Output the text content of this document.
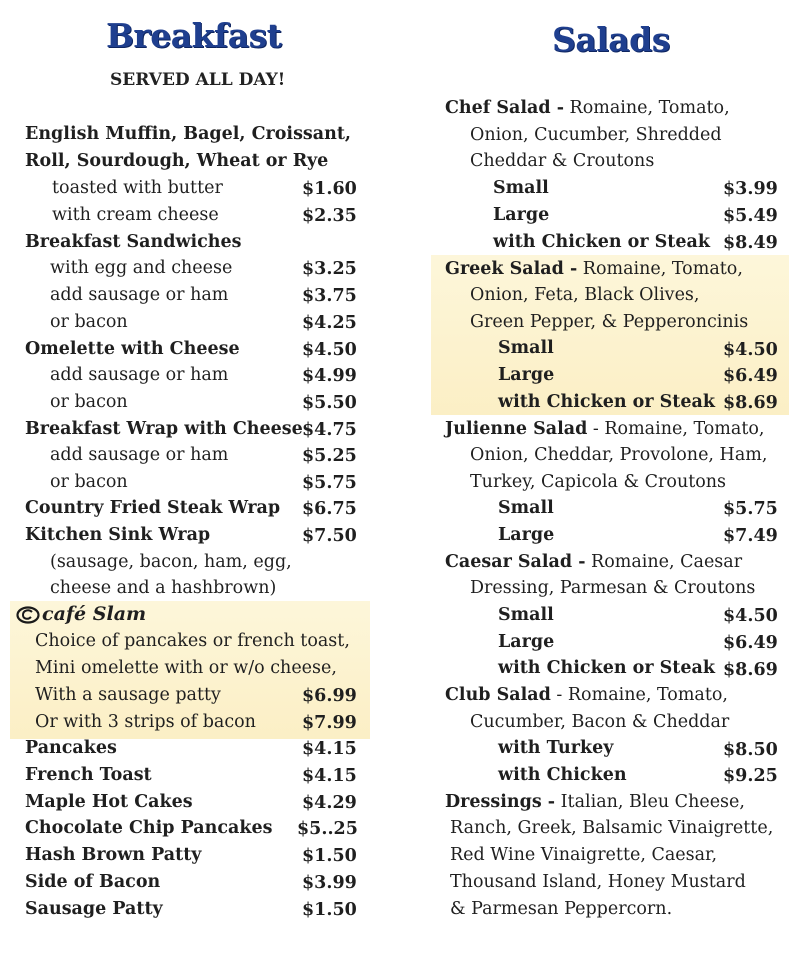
Breakfast
SERVED ALL DAY!
Salads
English Muffin, Bagel, Croissant,
Roll, Sourdough, Wheat or Rye
toasted with butter	$1.60
with cream cheese	$2.35
Breakfast Sandwiches
with egg and cheese	$3.25
add sausage or ham	$3.75
or bacon	$4.25
Omelette with Cheese	$4.50
add sausage or ham	$4.99
or bacon	$5.50
Breakfast Wrap with Cheese $4.75
add sausage or ham	$5.25
or bacon	$5.75
Country Fried Steak Wrap $6.75
Kitchen Sink Wrap	$7.50
(sausage, bacon, ham, egg,
cheese and a hashbrown)
café Slam
Choice of pancakes or french toast,
Mini omelette with or w/o cheese,
With a sausage patty	$6.99
Or with 3 strips of bacon	$7.99
Pancakes	$4.15
French Toast	$4.15
Maple Hot Cakes	$4.29
Chocolate Chip Pancakes $5..25
Hash Brown Patty	$1.50
Side of Bacon	$3.99
Sausage Patty	$1.50
Chef Salad - Romaine, Tomato,
Onion, Cucumber, Shredded
Cheddar & Croutons
Small	$3.99
Large	$5.49
with Chicken or Steak $8.49
Greek Salad - Romaine, Tomato,
Onion, Feta, Black Olives,
Green Pepper, & Pepperoncinis
Small	$4.50
Large	$6.49
with Chicken or Steak $8.69
Julienne Salad - Romaine, Tomato,
Onion, Cheddar, Provolone, Ham,
Turkey, Capicola & Croutons
Small	$5.75
Large	$7.49
Caesar Salad - Romaine, Caesar
Dressing, Parmesan & Croutons
Small	$4.50
Large	$6.49
with Chicken or Steak $8.69
Club Salad - Romaine, Tomato,
Cucumber, Bacon & Cheddar
with Turkey	$8.50
with Chicken	$9.25
Dressings - Italian, Bleu Cheese,
Ranch, Greek, Balsamic Vinaigrette,
Red Wine Vinaigrette, Caesar,
Thousand Island, Honey Mustard
& Parmesan Peppercorn.
